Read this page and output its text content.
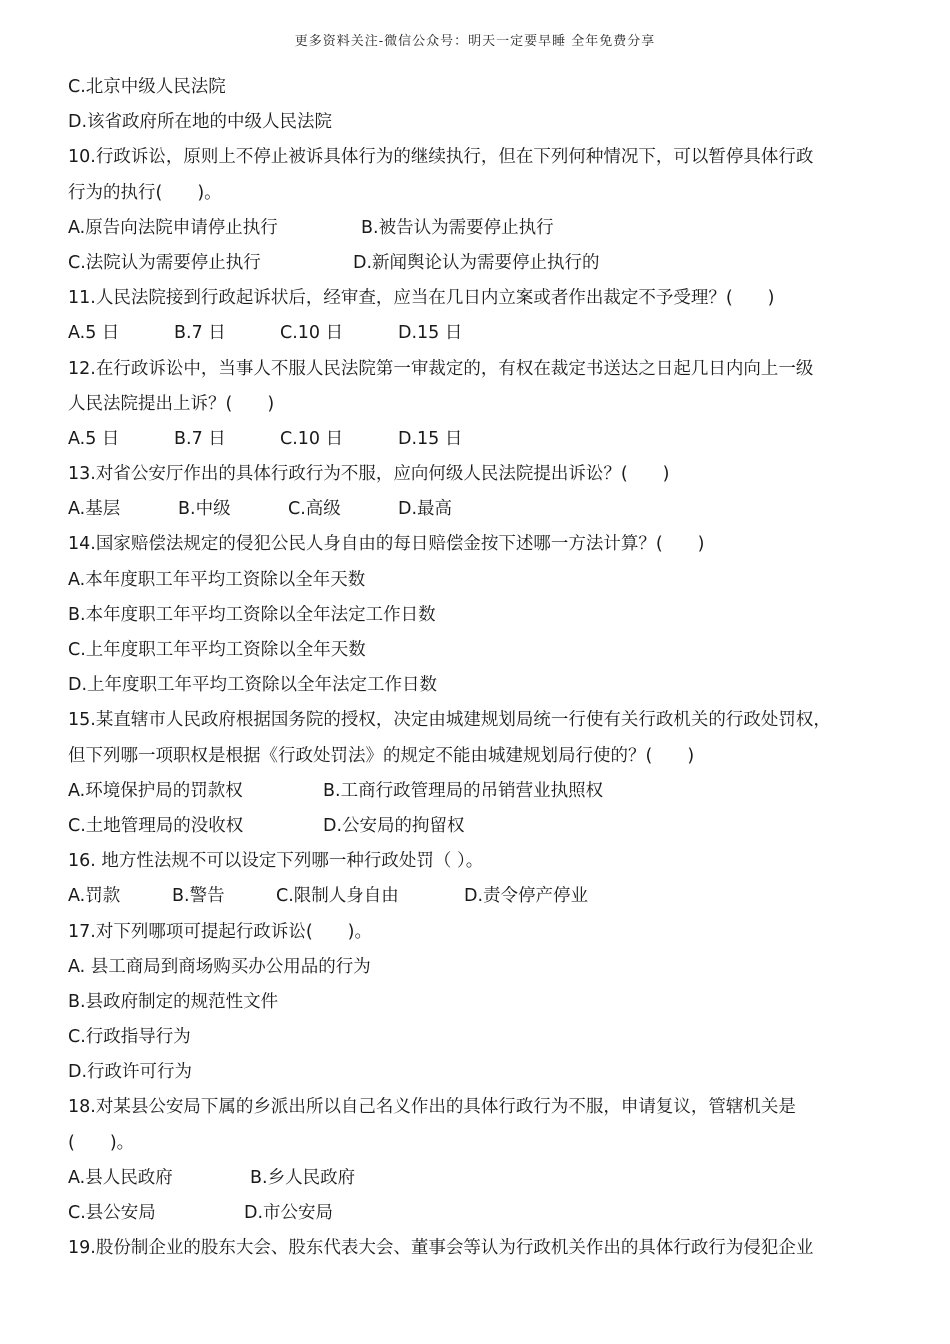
更多资料关注-微信公众号：明天一定要早睡 全年免费分享
C.北京中级人民法院
D.该省政府所在地的中级人民法院
10.行政诉讼，原则上不停止被诉具体行为的继续执行，但在下列何种情况下，可以暂停具体行政
行为的执行(　　)。
A.原告向法院申请停止执行	B.被告认为需要停止执行
C.法院认为需要停止执行	D.新闻舆论认为需要停止执行的
11.人民法院接到行政起诉状后，经审查，应当在几日内立案或者作出裁定不予受理？(　　)
A.5 日	B.7 日	C.10 日	D.15 日
12.在行政诉讼中，当事人不服人民法院第一审裁定的，有权在裁定书送达之日起几日内向上一级
人民法院提出上诉？(　　)
A.5 日	B.7 日	C.10 日	D.15 日
13.对省公安厅作出的具体行政行为不服，应向何级人民法院提出诉讼？(　　)
A.基层	B.中级	C.高级	D.最高
14.国家赔偿法规定的侵犯公民人身自由的每日赔偿金按下述哪一方法计算？(　　)
A.本年度职工年平均工资除以全年天数
B.本年度职工年平均工资除以全年法定工作日数
C.上年度职工年平均工资除以全年天数
D.上年度职工年平均工资除以全年法定工作日数
15.某直辖市人民政府根据国务院的授权，决定由城建规划局统一行使有关行政机关的行政处罚权，
但下列哪一项职权是根据《行政处罚法》的规定不能由城建规划局行使的？(　　)
A.环境保护局的罚款权	B.工商行政管理局的吊销营业执照权
C.土地管理局的没收权	D.公安局的拘留权
16. 地方性法规不可以设定下列哪一种行政处罚（ ）。
A.罚款	B.警告	C.限制人身自由	D.责令停产停业
17.对下列哪项可提起行政诉讼(　　)。
A. 县工商局到商场购买办公用品的行为
B.县政府制定的规范性文件
C.行政指导行为
D.行政许可行为
18.对某县公安局下属的乡派出所以自己名义作出的具体行政行为不服，申请复议，管辖机关是
(　　)。
A.县人民政府	B.乡人民政府
C.县公安局	D.市公安局
19.股份制企业的股东大会、股东代表大会、董事会等认为行政机关作出的具体行政行为侵犯企业
